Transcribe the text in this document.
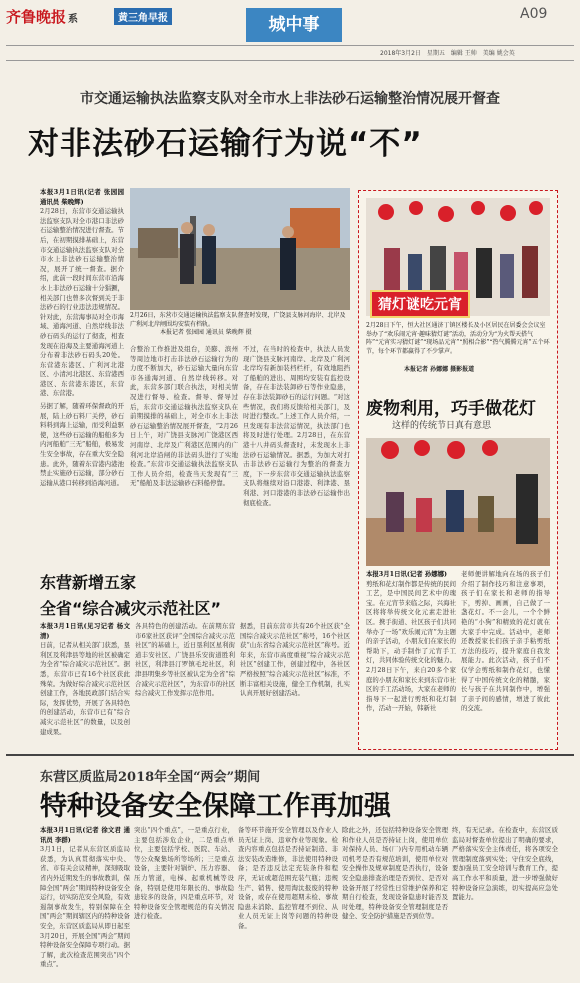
齐鲁晚报 系	黄三角早报	城中事
A09
2018年3月2日　星期五　编辑 王帅　美编 姚会英
市交通运输执法监察支队对全市水上非法砂石运输整治情况展开督查
对非法砂石运输行为说“不”
本报3月1日讯(记者 张园园 通讯员 柴晚辉)
2月28日，东营市交通运输执法监察支队对全市港口非法砂石运输整治情况进行督查。节后，在初期摸排基础上，东营市交通运输执法监察支队对全市水上非法砂石运输整治情况，展开了统一督查。据介绍，此前一段时间东营市沿海水上非法砂石运输十分猖獗，相关部门也曾多次督到关于非法砂石的行业违法违规情况。针对此，东营海事局对全市海域、通海河道、自然岸线非法砂石码头的运行了彻查，相查发现在沿海及主要通海河道上分布着非法砂石码头20处。东营港东港区、广利河北港区、小清河北港区、东营港西港区、东营港东港区，东营港、东营港。
另据了解，随着环保督政的开展，陆上砂石料厂关停，砂石料料到海上运输，而受利益驱使，这些砂石运输的船舶多为内河船舶“三无”船舶，极易发生安全事故，存在重大安全隐患。此外，随着东营港内港池禁止实施砂石运输，部分砂石运输从港口转移到沿海河道。
2月26日，东营市交通运输执法监察支队督查时发现，广饶县支脉河海岸、北岸及广利河北岸闸围均安装有档轨。
本报记者 张园园 通讯员 柴晚辉 摄
合整治工作推进及组台，美膨、滨州等周边地市打击非法砂石运输行为的力度不断加大，砂石运输大量向东营市各通海河道、自然岸线转移。对此，东营多部门联合执法，对相关情况进行督导、检查。督导、督导过后，东营市交通运输执法监察支队在前期摸排的基础上，对全市水上非法砂石运输整治情况展开督查，“2月26日上午，对广饶县支脉河广饶港区西河南岸、北岸及广利港区范围内的广利河北岸沿闸的非法码头进行了实地检查。”东营市交通运输执法监察支队工作人员介绍，检查当天发现有“三无”船舶及非法运输砂石料船停靠。
不过，在当时的检查中，执法人员发现广饶县支脉河南岸、北岸及广利河北岸均有新加装档栏杆，有效地阻挡了船舶的进出、周围均安装有监控设备，存在非法装卸砂石等作业隐患，存在非法装卸砂石的运行问题。“对这些情况，我们将反馈给相关部门，及时进行整改。”上述工作人员介绍，一旦发现有非法营运情况，执法部门也将及时进行处理。2月28日，在东营港十八井码头督查时，未发现水上非法砂石运输情况。据悉，为加大对打击非法砂石运输行为整治的督查力度，下一步东营市交通运输执法监察支队将继续对沿口港港、利津港、垦利港、河口港港的非法砂石运输作出彻底检查。
猜灯谜吃元宵
2月28日下午，恒大社区通济丁镇区楼长及小区居民在居委会会议室举办了“欢乐闹元宵·趣味猜灯谜”活动，活动分为“为火帮天搭气阵”“元宵实习猜灯谜”“现场品元宵”“照相合影”“热气腾腾元宵”五个环节，每个环节都赢得了不少掌声。
本报记者 孙娜娜 摄影报道
废物利用，巧手做花灯
这样的传统节日真有意思
本报3月1日讯(记者 孙娜娜)
剪纸和花灯制作都是传统的民间工艺，是中国民间艺术中的瑰宝。在元宵节来临之际，兴海社区将将举传统文化元素走进社区。携手街道、社区孩子们共同举办了一场“欢乐闹元宵”为主题的亲子活动，小朋友们在家长的帮助下，动手制作了元宵手工灯，共同体验传统文化的魅力。2月28日下午，来自20多个家庭的小朋友和家长来到东营市社区的手工活动场，大家在老师的指导下一起进行剪纸和花灯制作，活动一开始，韩新社
老师便讲解地向在场的孩子们介绍了制作技巧和注意事项，孩子们在家长和老师的指导下，剪掉、画画，自己做了一盏花灯。不一会儿，一个个鲜艳的“小狗”和精致的花灯就在大家手中完成。活动中，老师还教授家长们孩子亲手粘剪纸方法的技巧，提升家庭自我发展能力。此次活动，孩子们不仅学会剪纸和制作花灯，也懂得了中国传统文化的精髓，家长与孩子在共同制作中，增强了亲子间的感情，增进了彼此的交流。
东营新增五家
全省“综合减灾示范社区”
本报3月1日讯(见习记者 杨文清)
日前，记者从相关部门获悉，垦利区及利津县等地的社区被确定为全省“综合减灾示范社区”。据悉，东营市已有16个社区获此殊荣。为做好综合减灾示范社区创建工作，各地民政部门结合实际，发挥优势，开展了各具特色的创建活动，东营市已有“综合减灾示范社区”的数量，以及创建成果。
各具特色的创建活动。在前期东营市6家社区获评“全国综合减灾示范社区”的基础上，近日垦利区星利街道丰安社区、广饶县乐安街道胜利社区，利津县汀罗镇毛坨社区，利津县明集乡等社区被认定为全省“综合减灾示范社区”，为东营市的社区综合减灾工作发挥示范作用。
据悉，目前东营市共有26个社区获“全国综合减灾示范社区”称号，16个社区获“山东省综合减灾示范社区”称号。近年来，东营市高度重视“综合减灾示范社区”创建工作，创建过程中，各社区严格按照“综合减灾示范社区”标准，不断丰富相关设施，健全工作机制，扎实认真开展好创建活动。
东营区质监局2018年全国“两会”期间
特种设备安全保障工作再加强
本报3月1日讯(记者 徐文君 通讯员 李群)
3月1日，记者从东营区质监局获悉，为认真贯彻落实中央、省、市有关会议精神，深刻吸取省内外近期发生的事故教训，保障全国“两会”期间特种设备安全运行，切实防范安全风险，有效遏制事故发生，特别保障在全国“两会”期间辖区内的特种设备安全，东营区质监局从即日起至3月20日，开展全国“两会”期间特种设备安全保障专项行动。据了解，此次检查范围突出“四个重点”。
突出“四个重点”，一是重点行业，主要包括涉危企业，二是重点单位，主要包括学校、医院、车站、等公众聚集场所等场所；三是重点设备，主要针对锅炉、压力容器、压力管道，电梯、起重机械等设备，特别是使用年限长的、事故隐患较多的设备，四是重点环节，对特种设备安全管理规范的有关情况进行检查。
备等环节施开安全管理以及作业人员无证上岗、违章作业等现象。检查内容重点包括是否持证制造、非法安装改造维修，非法使用特种设备；是否违反法定充装条件和程序，无证或超范围充装气瓶；违规生产、销售、使用淘汰报废的特种设备，或存在使用超期未检、事故隐患未消除、监控管理不到位、从业人员无证上岗等问题的特种设备。
除此之外，还包括特种设备安全管理和作业人员是否持证上岗，使用单位对保持人员、场(厂)内专用机动车辆司机考是否有规范培训，使用单位对安全操作及规章制度是否执行，设备安全隐患排查治理是否到位、是否对设备开展了经常性日常维护保养和定期自行检查，发现设备隐患时能否及时处理，特种设备安全管理制度是否健全、安全防护措施是否到位等。
终，有无记录。在检查中，东营区质监局对督查单位提出了明确的要求，严格落实安全主体责任，将各项安全管理制度落到实处；守住安全底线，要加强员工安全培训与教育工作，提高工作水平和质量，进一步增强做好特种设备应急演练，切实提高应急处置能力。
